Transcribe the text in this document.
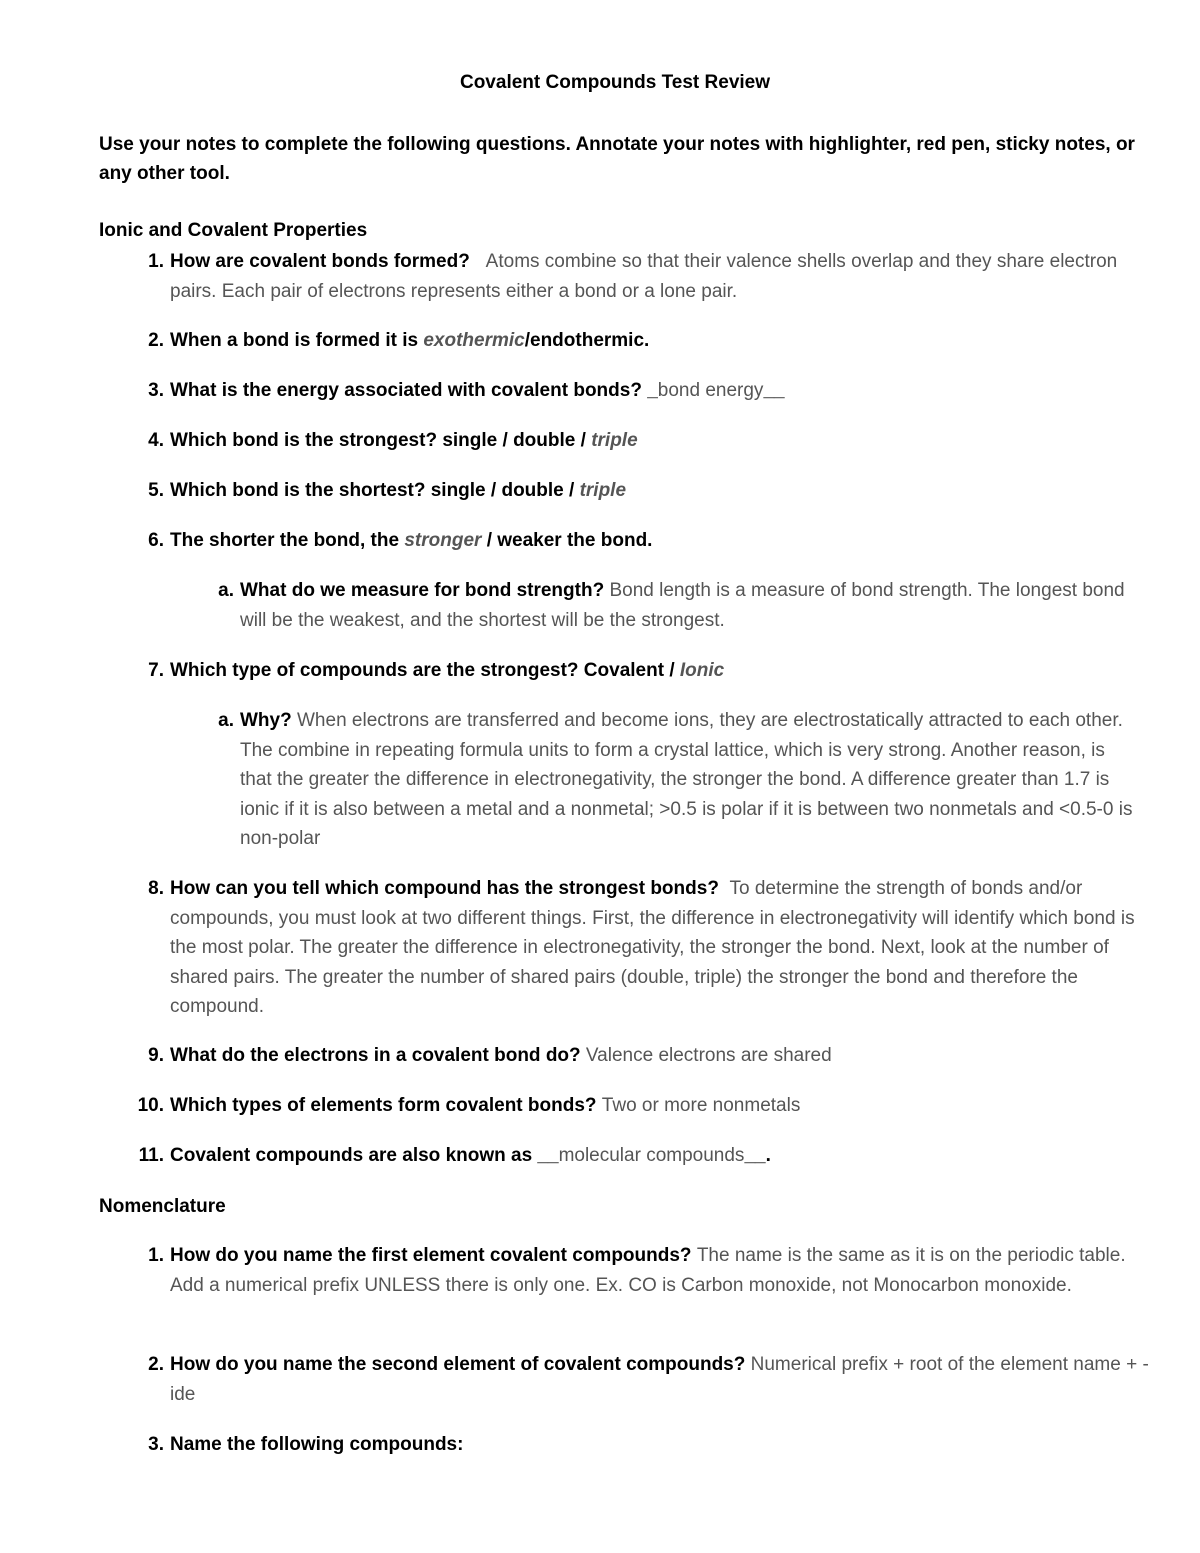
Covalent Compounds Test Review
Use your notes to complete the following questions. Annotate your notes with highlighter, red pen, sticky notes, or any other tool.
Ionic and Covalent Properties
1. How are covalent bonds formed? Atoms combine so that their valence shells overlap and they share electron pairs. Each pair of electrons represents either a bond or a lone pair.
2. When a bond is formed it is exothermic/endothermic.
3. What is the energy associated with covalent bonds? _bond energy__
4. Which bond is the strongest? single / double / triple
5. Which bond is the shortest? single / double / triple
6. The shorter the bond, the stronger / weaker the bond.
a. What do we measure for bond strength? Bond length is a measure of bond strength. The longest bond will be the weakest, and the shortest will be the strongest.
7. Which type of compounds are the strongest? Covalent / Ionic
a. Why? When electrons are transferred and become ions, they are electrostatically attracted to each other. The combine in repeating formula units to form a crystal lattice, which is very strong. Another reason, is that the greater the difference in electronegativity, the stronger the bond. A difference greater than 1.7 is ionic if it is also between a metal and a nonmetal; >0.5 is polar if it is between two nonmetals and <0.5-0 is non-polar
8. How can you tell which compound has the strongest bonds? To determine the strength of bonds and/or compounds, you must look at two different things. First, the difference in electronegativity will identify which bond is the most polar. The greater the difference in electronegativity, the stronger the bond. Next, look at the number of shared pairs. The greater the number of shared pairs (double, triple) the stronger the bond and therefore the compound.
9. What do the electrons in a covalent bond do? Valence electrons are shared
10. Which types of elements form covalent bonds? Two or more nonmetals
11. Covalent compounds are also known as __molecular compounds__.
Nomenclature
1. How do you name the first element covalent compounds? The name is the same as it is on the periodic table. Add a numerical prefix UNLESS there is only one. Ex. CO is Carbon monoxide, not Monocarbon monoxide.
2. How do you name the second element of covalent compounds? Numerical prefix + root of the element name + -ide
3. Name the following compounds:
